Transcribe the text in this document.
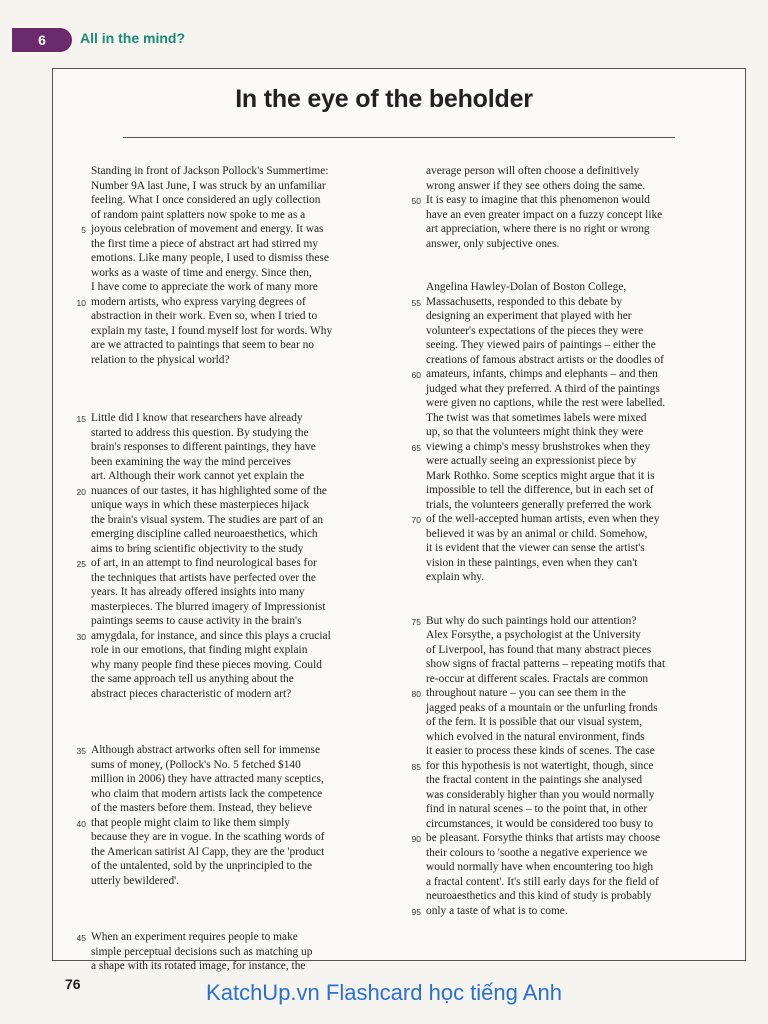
6 All in the mind?
In the eye of the beholder
Standing in front of Jackson Pollock's Summertime:
Number 9A last June, I was struck by an unfamiliar
feeling. What I once considered an ugly collection
of random paint splatters now spoke to me as a
5 joyous celebration of movement and energy. It was
the first time a piece of abstract art had stirred my
emotions. Like many people, I used to dismiss these
works as a waste of time and energy. Since then,
I have come to appreciate the work of many more
10 modern artists, who express varying degrees of
abstraction in their work. Even so, when I tried to
explain my taste, I found myself lost for words. Why
are we attracted to paintings that seem to bear no
relation to the physical world?
15 Little did I know that researchers have already
started to address this question. By studying the
brain's responses to different paintings, they have
been examining the way the mind perceives
art. Although their work cannot yet explain the
20 nuances of our tastes, it has highlighted some of the
unique ways in which these masterpieces hijack
the brain's visual system. The studies are part of an
emerging discipline called neuroaesthetics, which
aims to bring scientific objectivity to the study
25 of art, in an attempt to find neurological bases for
the techniques that artists have perfected over the
years. It has already offered insights into many
masterpieces. The blurred imagery of Impressionist
paintings seems to cause activity in the brain's
30 amygdala, for instance, and since this plays a crucial
role in our emotions, that finding might explain
why many people find these pieces moving. Could
the same approach tell us anything about the
abstract pieces characteristic of modern art?
35 Although abstract artworks often sell for immense
sums of money, (Pollock's No. 5 fetched $140
million in 2006) they have attracted many sceptics,
who claim that modern artists lack the competence
of the masters before them. Instead, they believe
40 that people might claim to like them simply
because they are in vogue. In the scathing words of
the American satirist Al Capp, they are the 'product
of the untalented, sold by the unprincipled to the
utterly bewildered'.
45 When an experiment requires people to make
simple perceptual decisions such as matching up
a shape with its rotated image, for instance, the
average person will often choose a definitively
wrong answer if they see others doing the same.
50 It is easy to imagine that this phenomenon would
have an even greater impact on a fuzzy concept like
art appreciation, where there is no right or wrong
answer, only subjective ones.
Angelina Hawley-Dolan of Boston College,
55 Massachusetts, responded to this debate by
designing an experiment that played with her
volunteer's expectations of the pieces they were
seeing. They viewed pairs of paintings – either the
creations of famous abstract artists or the doodles of
60 amateurs, infants, chimps and elephants – and then
judged what they preferred. A third of the paintings
were given no captions, while the rest were labelled.
The twist was that sometimes labels were mixed
up, so that the volunteers might think they were
65 viewing a chimp's messy brushstrokes when they
were actually seeing an expressionist piece by
Mark Rothko. Some sceptics might argue that it is
impossible to tell the difference, but in each set of
trials, the volunteers generally preferred the work
70 of the well-accepted human artists, even when they
believed it was by an animal or child. Somehow,
it is evident that the viewer can sense the artist's
vision in these paintings, even when they can't
explain why.
75 But why do such paintings hold our attention?
Alex Forsythe, a psychologist at the University
of Liverpool, has found that many abstract pieces
show signs of fractal patterns – repeating motifs that
re-occur at different scales. Fractals are common
80 throughout nature – you can see them in the
jagged peaks of a mountain or the unfurling fronds
of the fern. It is possible that our visual system,
which evolved in the natural environment, finds
it easier to process these kinds of scenes. The case
85 for this hypothesis is not watertight, though, since
the fractal content in the paintings she analysed
was considerably higher than you would normally
find in natural scenes – to the point that, in other
circumstances, it would be considered too busy to
90 be pleasant. Forsythe thinks that artists may choose
their colours to 'soothe a negative experience we
would normally have when encountering too high
a fractal content'. It's still early days for the field of
neuroaesthetics and this kind of study is probably
95 only a taste of what is to come.
76	KatchUp.vn Flashcard học tiếng Anh
